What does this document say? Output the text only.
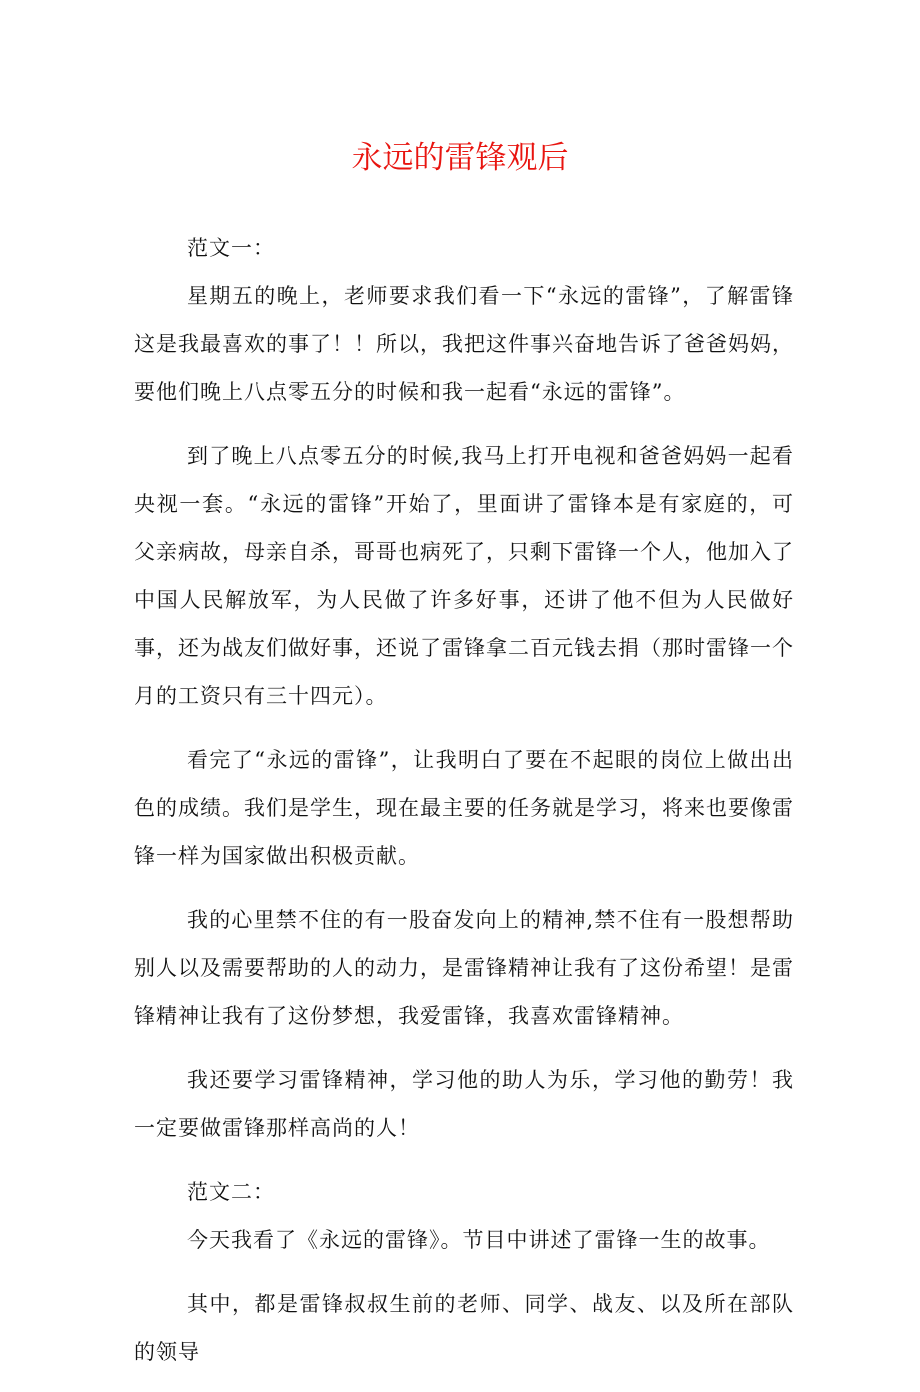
永远的雷锋观后

范文一：

星期五的晚上，老师要求我们看一下“永远的雷锋”，了解雷锋这是我最喜欢的事了！！所以，我把这件事兴奋地告诉了爸爸妈妈，要他们晚上八点零五分的时候和我一起看“永远的雷锋”。

到了晚上八点零五分的时候,我马上打开电视和爸爸妈妈一起看央视一套。“永远的雷锋”开始了，里面讲了雷锋本是有家庭的，可父亲病故，母亲自杀，哥哥也病死了，只剩下雷锋一个人，他加入了中国人民解放军，为人民做了许多好事，还讲了他不但为人民做好事，还为战友们做好事，还说了雷锋拿二百元钱去捐（那时雷锋一个月的工资只有三十四元）。

看完了“永远的雷锋”，让我明白了要在不起眼的岗位上做出出色的成绩。我们是学生，现在最主要的任务就是学习，将来也要像雷锋一样为国家做出积极贡献。

我的心里禁不住的有一股奋发向上的精神,禁不住有一股想帮助别人以及需要帮助的人的动力，是雷锋精神让我有了这份希望！是雷锋精神让我有了这份梦想，我爱雷锋，我喜欢雷锋精神。

我还要学习雷锋精神，学习他的助人为乐，学习他的勤劳！我一定要做雷锋那样高尚的人！

范文二：

今天我看了《永远的雷锋》。节目中讲述了雷锋一生的故事。

其中，都是雷锋叔叔生前的老师、同学、战友、以及所在部队的领导
